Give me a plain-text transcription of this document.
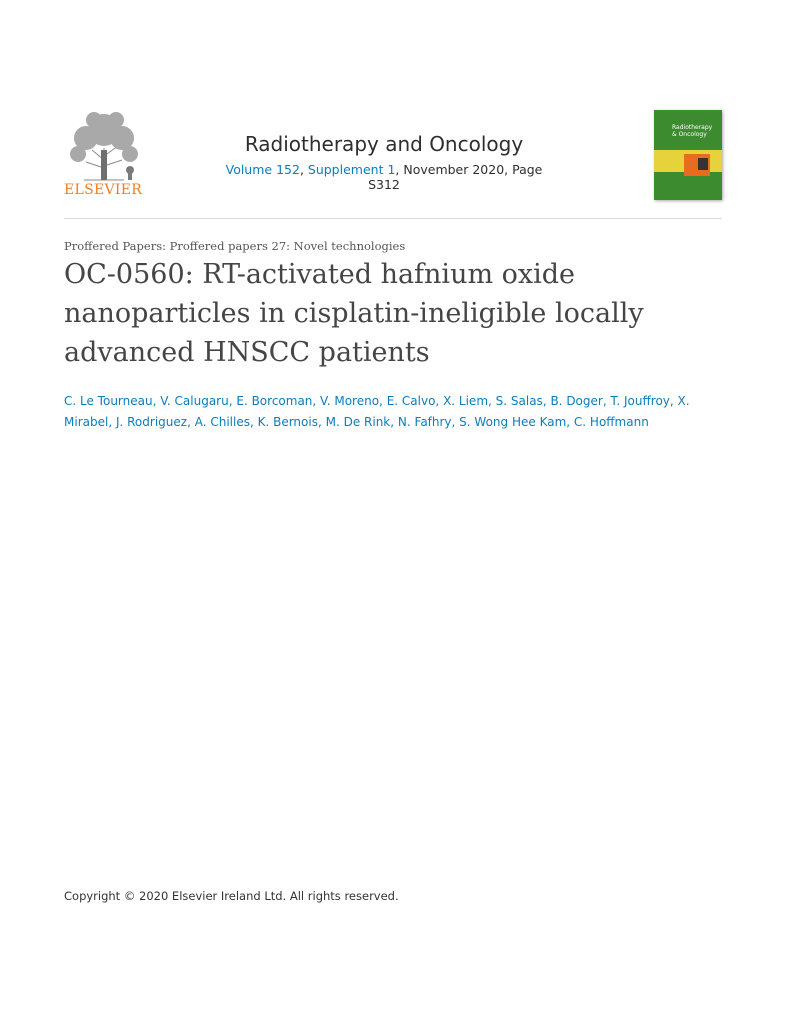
ELSEVIER
Radiotherapy and Oncology
Volume 152, Supplement 1, November 2020, Page S312
Radiotherapy
& Oncology
Proffered Papers: Proffered papers 27: Novel technologies
OC-0560: RT-activated hafnium oxide nanoparticles in cisplatin-ineligible locally advanced HNSCC patients
C. Le Tourneau, V. Calugaru, E. Borcoman, V. Moreno, E. Calvo, X. Liem, S. Salas, B. Doger, T. Jouffroy, X. Mirabel, J. Rodriguez, A. Chilles, K. Bernois, M. De Rink, N. Fafhry, S. Wong Hee Kam, C. Hoffmann
Copyright © 2020 Elsevier Ireland Ltd. All rights reserved.
